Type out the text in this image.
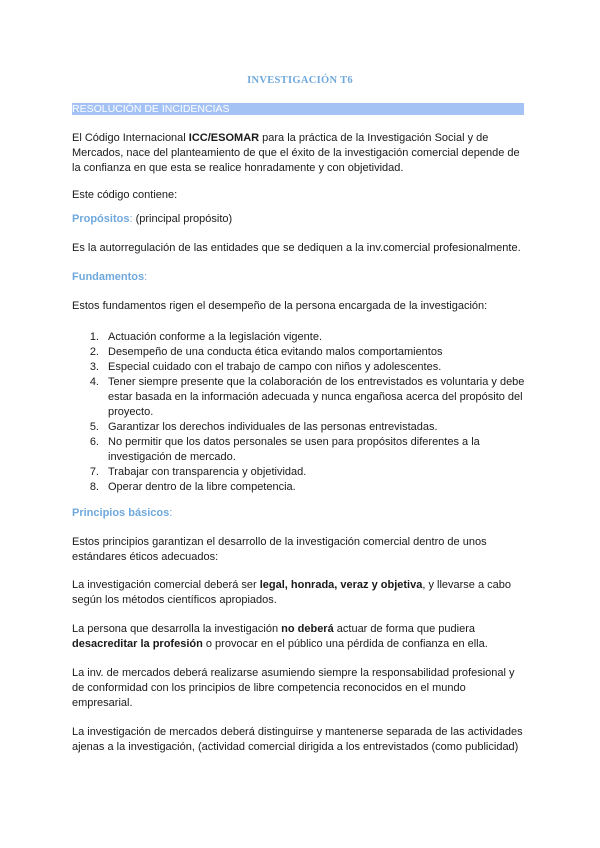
INVESTIGACIÓN T6
RESOLUCIÓN DE INCIDENCIAS

El Código Internacional ICC/ESOMAR para la práctica de la Investigación Social y de Mercados, nace del planteamiento de que el éxito de la investigación comercial depende de la confianza en que esta se realice honradamente y con objetividad.

Este código contiene:

Propósitos: (principal propósito)

Es la autorregulación de las entidades que se dediquen a la inv.comercial profesionalmente.

Fundamentos:

Estos fundamentos rigen el desempeño de la persona encargada de la investigación:

1. Actuación conforme a la legislación vigente.
2. Desempeño de una conducta ética evitando malos comportamientos
3. Especial cuidado con el trabajo de campo con niños y adolescentes.
4. Tener siempre presente que la colaboración de los entrevistados es voluntaria y debe estar basada en la información adecuada y nunca engañosa acerca del propósito del proyecto.
5. Garantizar los derechos individuales de las personas entrevistadas.
6. No permitir que los datos personales se usen para propósitos diferentes a la investigación de mercado.
7. Trabajar con transparencia y objetividad.
8. Operar dentro de la libre competencia.

Principios básicos:

Estos principios garantizan el desarrollo de la investigación comercial dentro de unos estándares éticos adecuados:

La investigación comercial deberá ser legal, honrada, veraz y objetiva, y llevarse a cabo según los métodos científicos apropiados.

La persona que desarrolla la investigación no deberá actuar de forma que pudiera desacreditar la profesión o provocar en el público una pérdida de confianza en ella.

La inv. de mercados deberá realizarse asumiendo siempre la responsabilidad profesional y de conformidad con los principios de libre competencia reconocidos en el mundo empresarial.

La investigación de mercados deberá distinguirse y mantenerse separada de las actividades ajenas a la investigación, (actividad comercial dirigida a los entrevistados (como publicidad)
